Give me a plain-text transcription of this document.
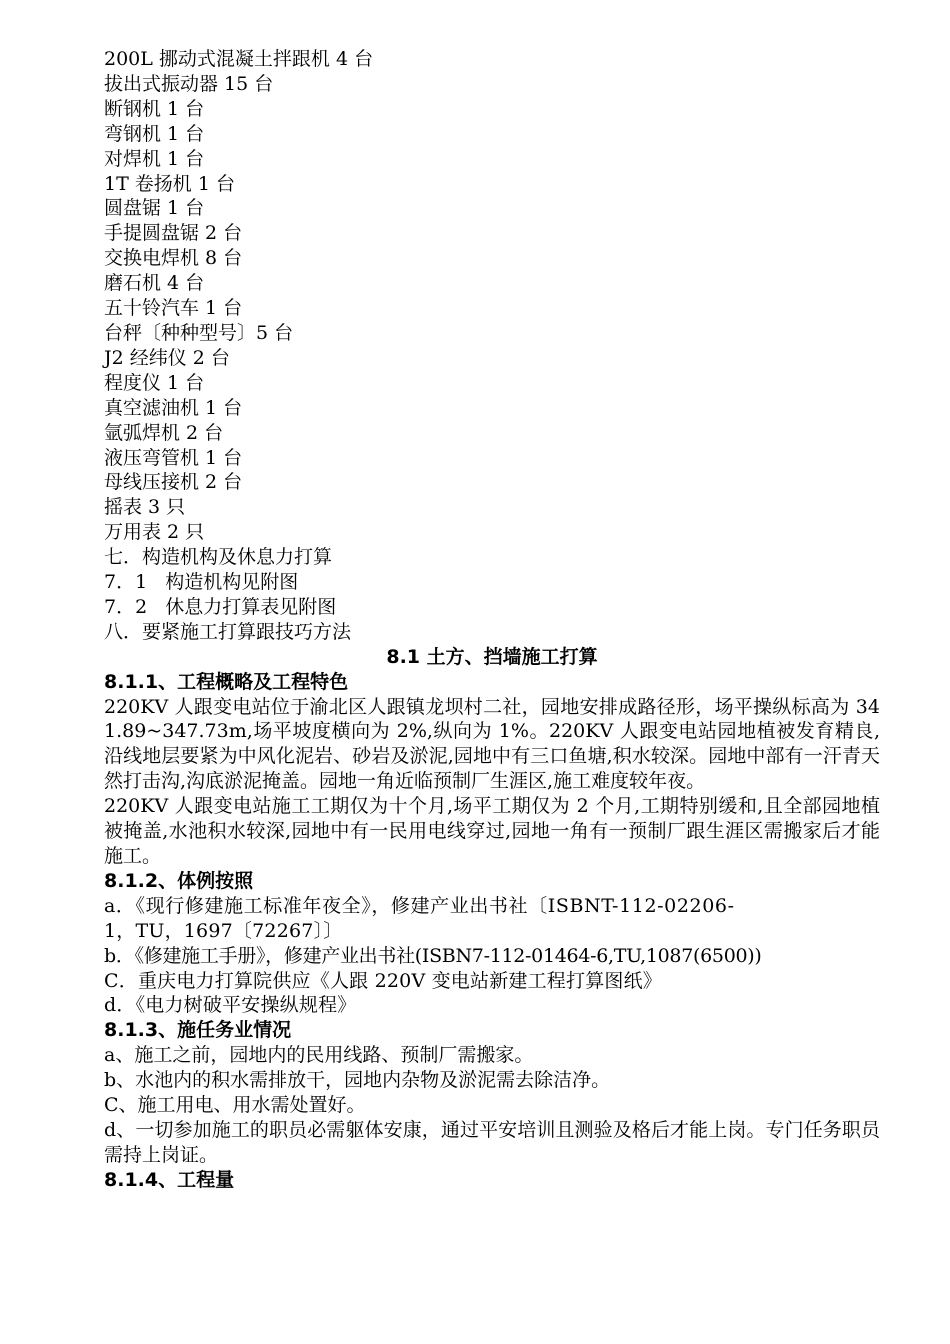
200L 挪动式混凝土拌跟机 4 台
拔出式振动器 15 台
断钢机 1 台
弯钢机 1 台
对焊机 1 台
1T 卷扬机 1 台
圆盘锯 1 台
手提圆盘锯 2 台
交换电焊机 8 台
磨石机 4 台
五十铃汽车 1 台
台秤〔种种型号〕5 台
J2 经纬仪 2 台
程度仪 1 台
真空滤油机 1 台
氩弧焊机 2 台
液压弯管机 1 台
母线压接机 2 台
摇表 3 只
万用表 2 只
七．构造机构及休息力打算
7．1   构造机构见附图
7．2   休息力打算表见附图
八．要紧施工打算跟技巧方法
8.1 土方、挡墙施工打算
8.1.1、工程概略及工程特色
220KV 人跟变电站位于渝北区人跟镇龙坝村二社，园地安排成路径形，场平操纵标高为 341.89~347.73m,场平坡度横向为 2%,纵向为 1%。220KV 人跟变电站园地植被发育精良,沿线地层要紧为中风化泥岩、砂岩及淤泥,园地中有三口鱼塘,积水较深。园地中部有一汗青天然打击沟,沟底淤泥掩盖。园地一角近临预制厂生涯区,施工难度较年夜。
220KV 人跟变电站施工工期仅为十个月,场平工期仅为 2 个月,工期特别缓和,且全部园地植被掩盖,水池积水较深,园地中有一民用电线穿过,园地一角有一预制厂跟生涯区需搬家后才能施工。
8.1.2、体例按照
a．《现行修建施工标准年夜全》，修建产业出书社〔ISBNT-112-02206-
1，TU，1697〔72267〕〕
b．《修建施工手册》，修建产业出书社(ISBN7-112-01464-6,TU,1087(6500))
C．重庆电力打算院供应《人跟 220V 变电站新建工程打算图纸》
d．《电力树破平安操纵规程》
8.1.3、施任务业情况
a、施工之前，园地内的民用线路、预制厂需搬家。
b、水池内的积水需排放干，园地内杂物及淤泥需去除洁净。
C、施工用电、用水需处置好。
d、一切参加施工的职员必需躯体安康，通过平安培训且测验及格后才能上岗。专门任务职员需持上岗证。
8.1.4、工程量
